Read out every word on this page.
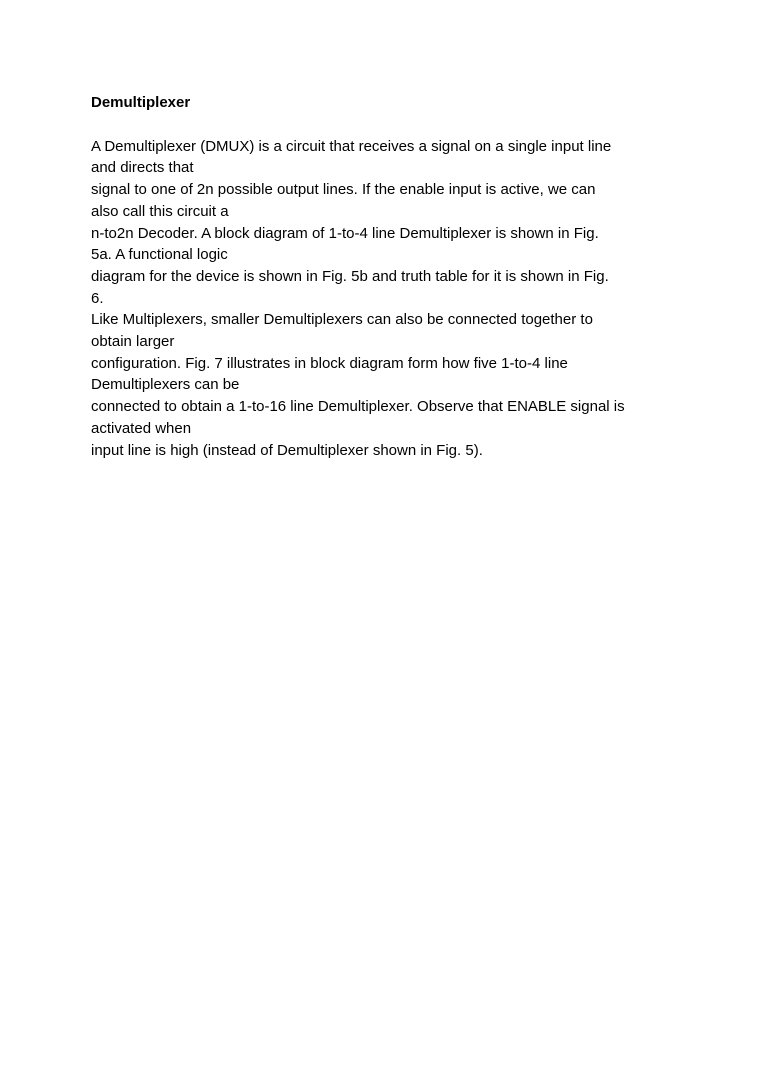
Demultiplexer
A Demultiplexer (DMUX) is a circuit that receives a signal on a single input line
and directs that
signal to one of 2n possible output lines. If the enable input is active, we can
also call this circuit a
n-to2n Decoder. A block diagram of 1-to-4 line Demultiplexer is shown in Fig.
5a. A functional logic
diagram for the device is shown in Fig. 5b and truth table for it is shown in Fig.
6.
Like Multiplexers, smaller Demultiplexers can also be connected together to
obtain larger
configuration. Fig. 7 illustrates in block diagram form how five 1-to-4 line
Demultiplexers can be
connected to obtain a 1-to-16 line Demultiplexer. Observe that ENABLE signal is
activated when
input line is high (instead of Demultiplexer shown in Fig. 5).
